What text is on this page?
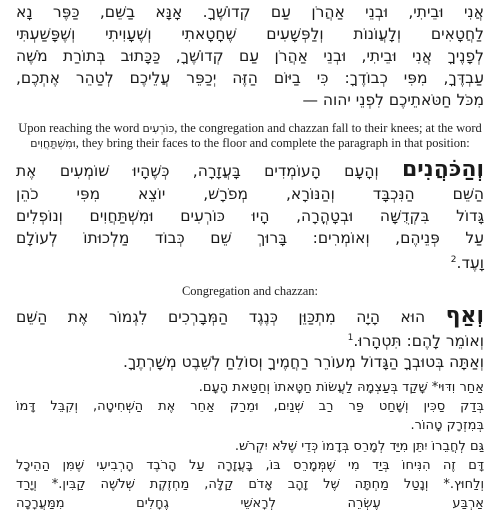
אֲנִי וּבֵיתִי, וּבְנֵי אַהֲרֹן עַם קְדוֹשֶׁךָ. אָנָּא בַשֵּׁם, כַּפֶּר נָא
לַחֲטָאִים וְלָעֲוֹנוֹת וְלַפְּשָׁעִים שֶׁחָטָאתִי וְשֶׁעָוִיתִי וְשֶׁפָּשַׁעְתִּי
לְפָנֶיךָ אֲנִי וּבֵיתִי, וּבְנֵי אַהֲרֹן עַם קְדוֹשֶׁךָ, כַּכָּתוּב בְּתוֹרַת מֹשֶׁה
עַבְדֶּךָ, מִפִּי כְבוֹדֶךָ: כִּי בַיּוֹם הַזֶּה יְכַפֵּר עֲלֵיכֶם לְטַהֵר אֶתְכֶם,
מִכֹּל חַטֹּאתֵיכֶם לִפְנֵי יהוה —
Upon reaching the word כּוֹרְעִים, the congregation and chazzan fall to their knees; at the word
וּמִשְׁתַּחֲוִים, they bring their faces to the floor and complete the paragraph in that position:
וְהַכֹּהֲנִים וְהָעָם הָעוֹמְדִים בָּעֲזָרָה, כְּשֶׁהָיוּ שׁוֹמְעִים אֶת
הַשֵּׁם הַנִּכְבָּד וְהַנּוֹרָא, מְפֹרָשׁ, יוֹצֵא מִפִּי כֹהֵן
גָּדוֹל בִּקְדֻשָּׁה וּבְטָהֳרָה, הָיוּ כּוֹרְעִים וּמִשְׁתַּחֲוִים וְנוֹפְלִים
עַל פְּנֵיהֶם, וְאוֹמְרִים: בָּרוּךְ שֵׁם כְּבוֹד מַלְכוּתוֹ לְעוֹלָם
וָעֶד.$^2$
Congregation and chazzan:
וְאַף הוּא הָיָה מִתְכַּוֵּן כְּנֶגֶד הַמְּבָרְכִים לִגְמוֹר אֶת הַשֵּׁם
וְאוֹמֵר לָהֶם: תִּטְהָרוּ.$^1$
וְאַתָּה בְּטוּבְךָ הַגָּדוֹל מְעוֹרֵר רַחֲמֶיךָ וְסוֹלֵחַ לְשֵׁבֶט מְשָׁרְתֶךָ.
אַחַר וִדּוּי* שָׁקַד בְּעַצְמָהּ לַעֲשׂוֹת חַטָּאתוֹ וְחַטַּאת הָעָם.
בְּדַק סַכִּין וְשָׁחַט פַּר רַב שְׁנַיִם, וּמֵרַק אַחֵר אֶת הַשְּׁחִיטָה, וְקִבֵּל דָּמוֹ
בְּמִזְרָק טָהוֹר.
גַּם לְחֲבֵרוֹ יִתֵּן מִיַּד לְמָרֵס בְּדָמוֹ כְּדֵי שֶׁלֹּא יִקְרֹשׁ.
דָּם זֶה הִנִּיחוֹ בְּיַד מִי שֶׁמְּמָרֵס בּוֹ, בָּעֲזָרָה עַל הָרֹבֶד הָרְבִיעִי שֶׁמִּן הַהֵיכָל
וְלַחוּץ.* וְנָטַל מַחְתָּה שֶׁל זָהָב אָדֹם קַלָּה, מַחְזֶקֶת שְׁלֹשֶׁה קַבִּין.* וְיָרַד
אַרְבַּע עֶשְׂרֵה לְרָאשֵׁי גֶחָלִים מִמַּעֲרָכָה
